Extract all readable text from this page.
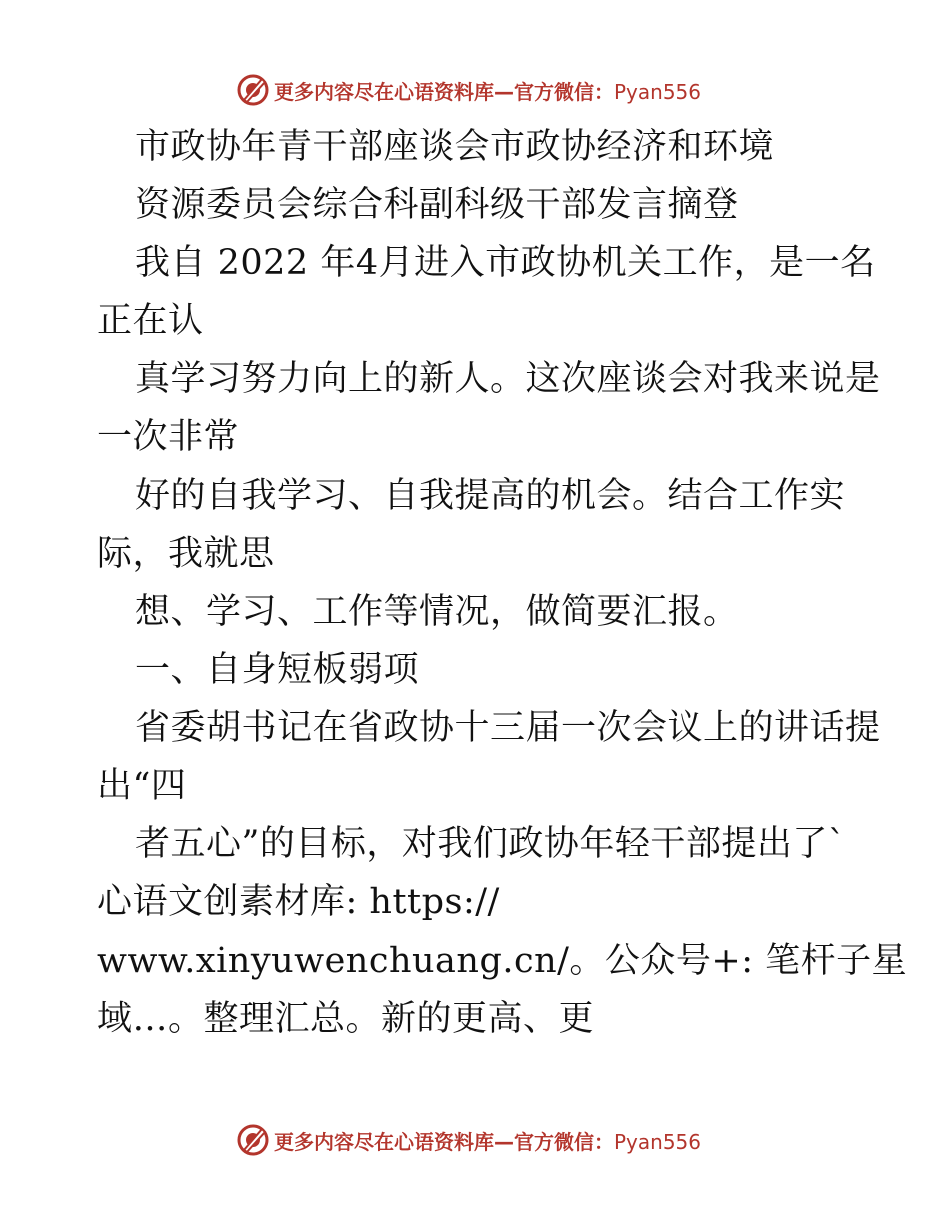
更多内容尽在心语资料库—官方微信：Pyan556
市政协年青干部座谈会市政协经济和环境
资源委员会综合科副科级干部发言摘登
我自 2022 年4月进入市政协机关工作，是一名
正在认
真学习努力向上的新人。这次座谈会对我来说是
一次非常
好的自我学习、自我提高的机会。结合工作实
际，我就思
想、学习、工作等情况，做简要汇报。
一、自身短板弱项
省委胡书记在省政协十三届一次会议上的讲话提
出“四
者五心”的目标，对我们政协年轻干部提出了`
心语文创素材库: https://
www.xinyuwenchuang.cn/。公众号+: 笔杆子星
域…。整理汇总。新的更高、更
更多内容尽在心语资料库—官方微信：Pyan556
